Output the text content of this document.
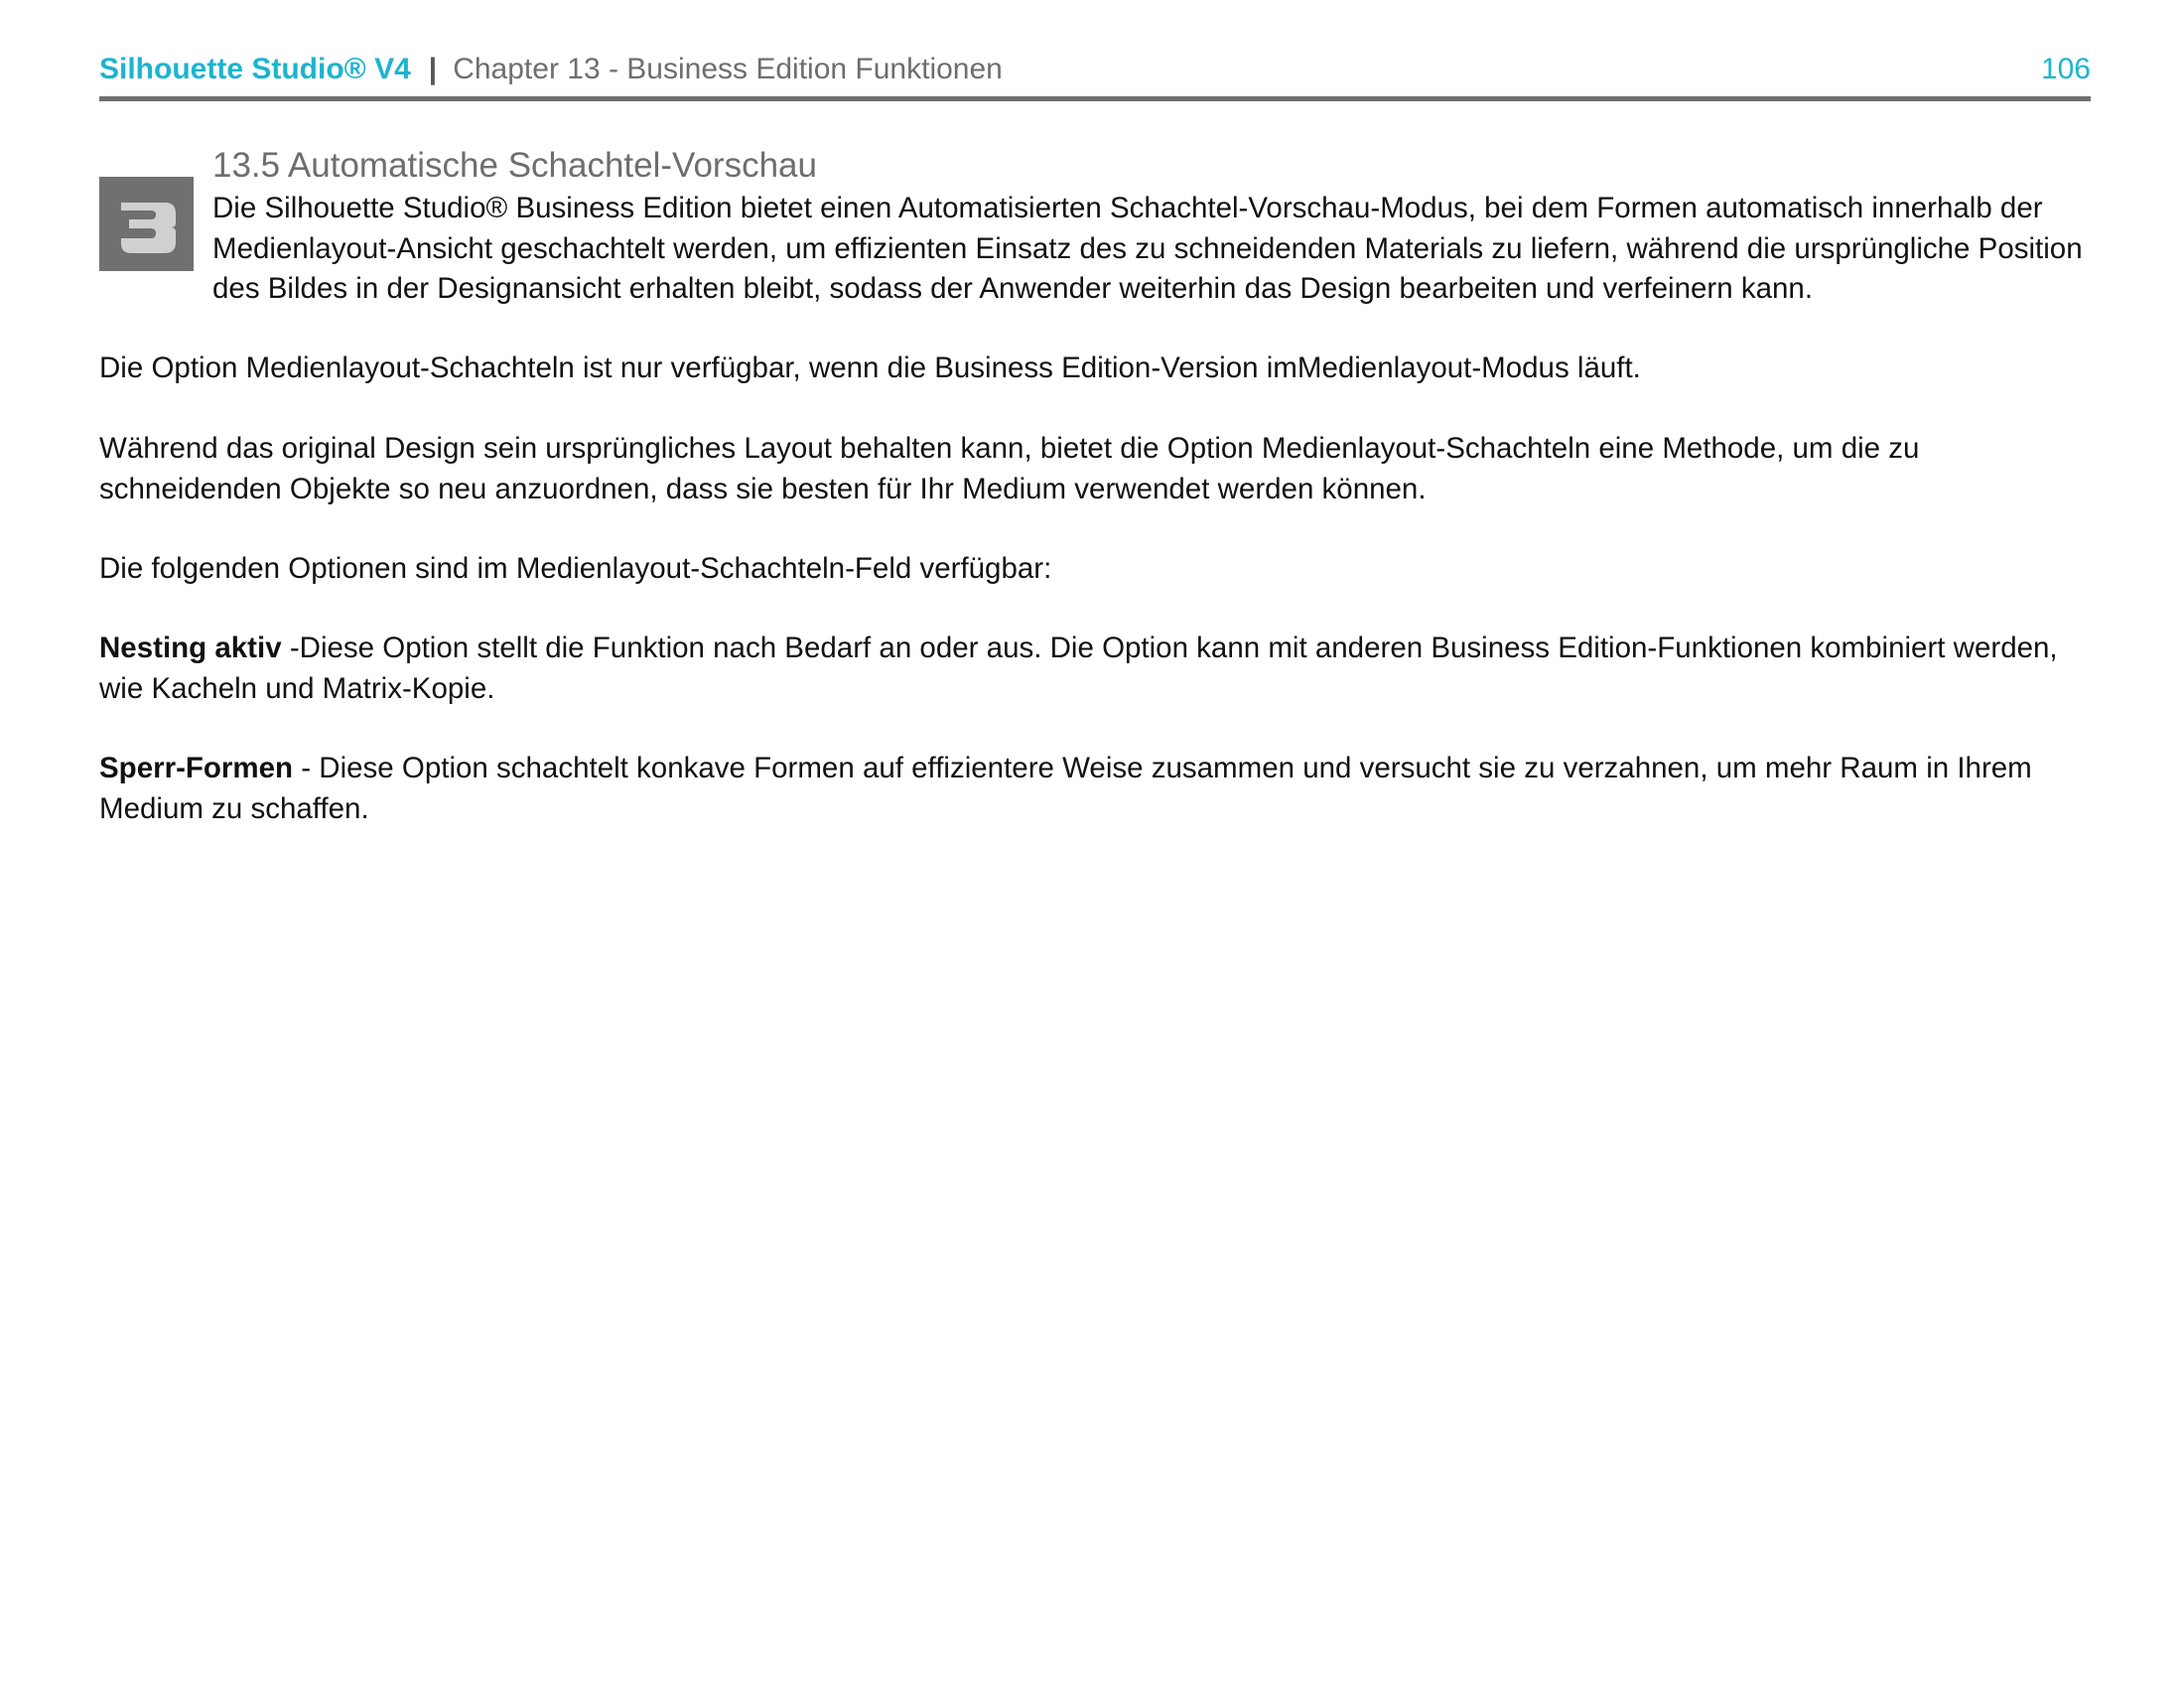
Silhouette Studio® V4 | Chapter 13 - Business Edition Funktionen	106
13.5 Automatische Schachtel-Vorschau

Die Silhouette Studio® Business Edition bietet einen Automatisierten Schachtel-Vorschau-Modus, bei dem Formen automatisch innerhalb der Medienlayout-Ansicht geschachtelt werden, um effizienten Einsatz des zu schneidenden Materials zu liefern, während die ursprüngliche Position des Bildes in der Designansicht erhalten bleibt, sodass der Anwender weiterhin das Design bearbeiten und verfeinern kann.

Die Option Medienlayout-Schachteln ist nur verfügbar, wenn die Business Edition-Version imMedienlayout-Modus läuft.

Während das original Design sein ursprüngliches Layout behalten kann, bietet die Option Medienlayout-Schachteln eine Methode, um die zu schneidenden Objekte so neu anzuordnen, dass sie besten für Ihr Medium verwendet werden können.

Die folgenden Optionen sind im Medienlayout-Schachteln-Feld verfügbar:

Nesting aktiv -Diese Option stellt die Funktion nach Bedarf an oder aus. Die Option kann mit anderen Business Edition-Funktionen kombiniert werden, wie Kacheln und Matrix-Kopie.

Sperr-Formen - Diese Option schachtelt konkave Formen auf effizientere Weise zusammen und versucht sie zu verzahnen, um mehr Raum in Ihrem Medium zu schaffen.
